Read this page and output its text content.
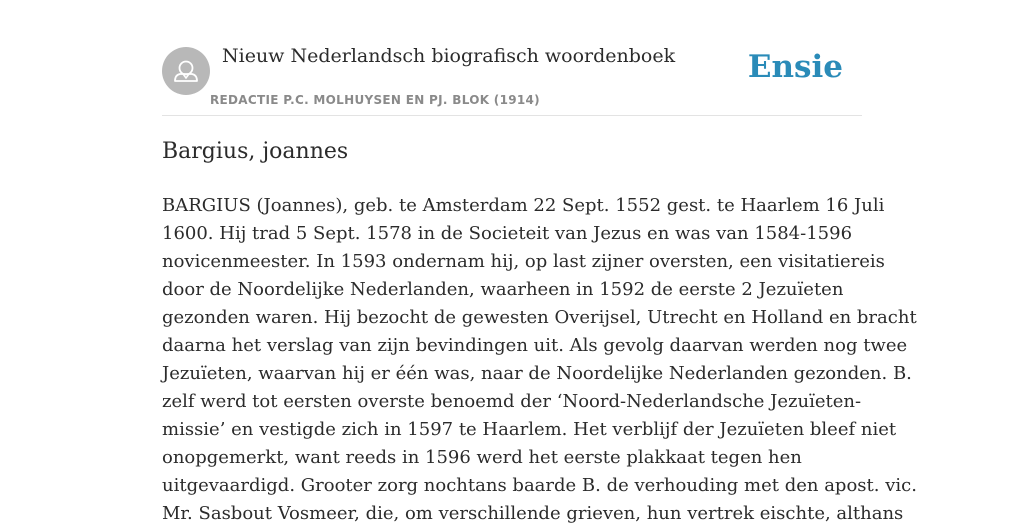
Nieuw Nederlandsch biografisch woordenboek
REDACTIE P.C. MOLHUYSEN EN PJ. BLOK (1914)
Ensie
Bargius, joannes
BARGIUS (Joannes), geb. te Amsterdam 22 Sept. 1552 gest. te Haarlem 16 Juli
1600. Hij trad 5 Sept. 1578 in de Societeit van Jezus en was van 1584-1596
novicenmeester. In 1593 ondernam hij, op last zijner oversten, een visitatiereis
door de Noordelijke Nederlanden, waarheen in 1592 de eerste 2 Jezuïeten
gezonden waren. Hij bezocht de gewesten Overijsel, Utrecht en Holland en bracht
daarna het verslag van zijn bevindingen uit. Als gevolg daarvan werden nog twee
Jezuïeten, waarvan hij er één was, naar de Noordelijke Nederlanden gezonden. B.
zelf werd tot eersten overste benoemd der ‘Noord-Nederlandsche Jezuïeten-
missie’ en vestigde zich in 1597 te Haarlem. Het verblijf der Jezuïeten bleef niet
onopgemerkt, want reeds in 1596 werd het eerste plakkaat tegen hen
uitgevaardigd. Grooter zorg nochtans baarde B. de verhouding met den apost. vic.
Mr. Sasbout Vosmeer, die, om verschillende grieven, hun vertrek eischte, althans
